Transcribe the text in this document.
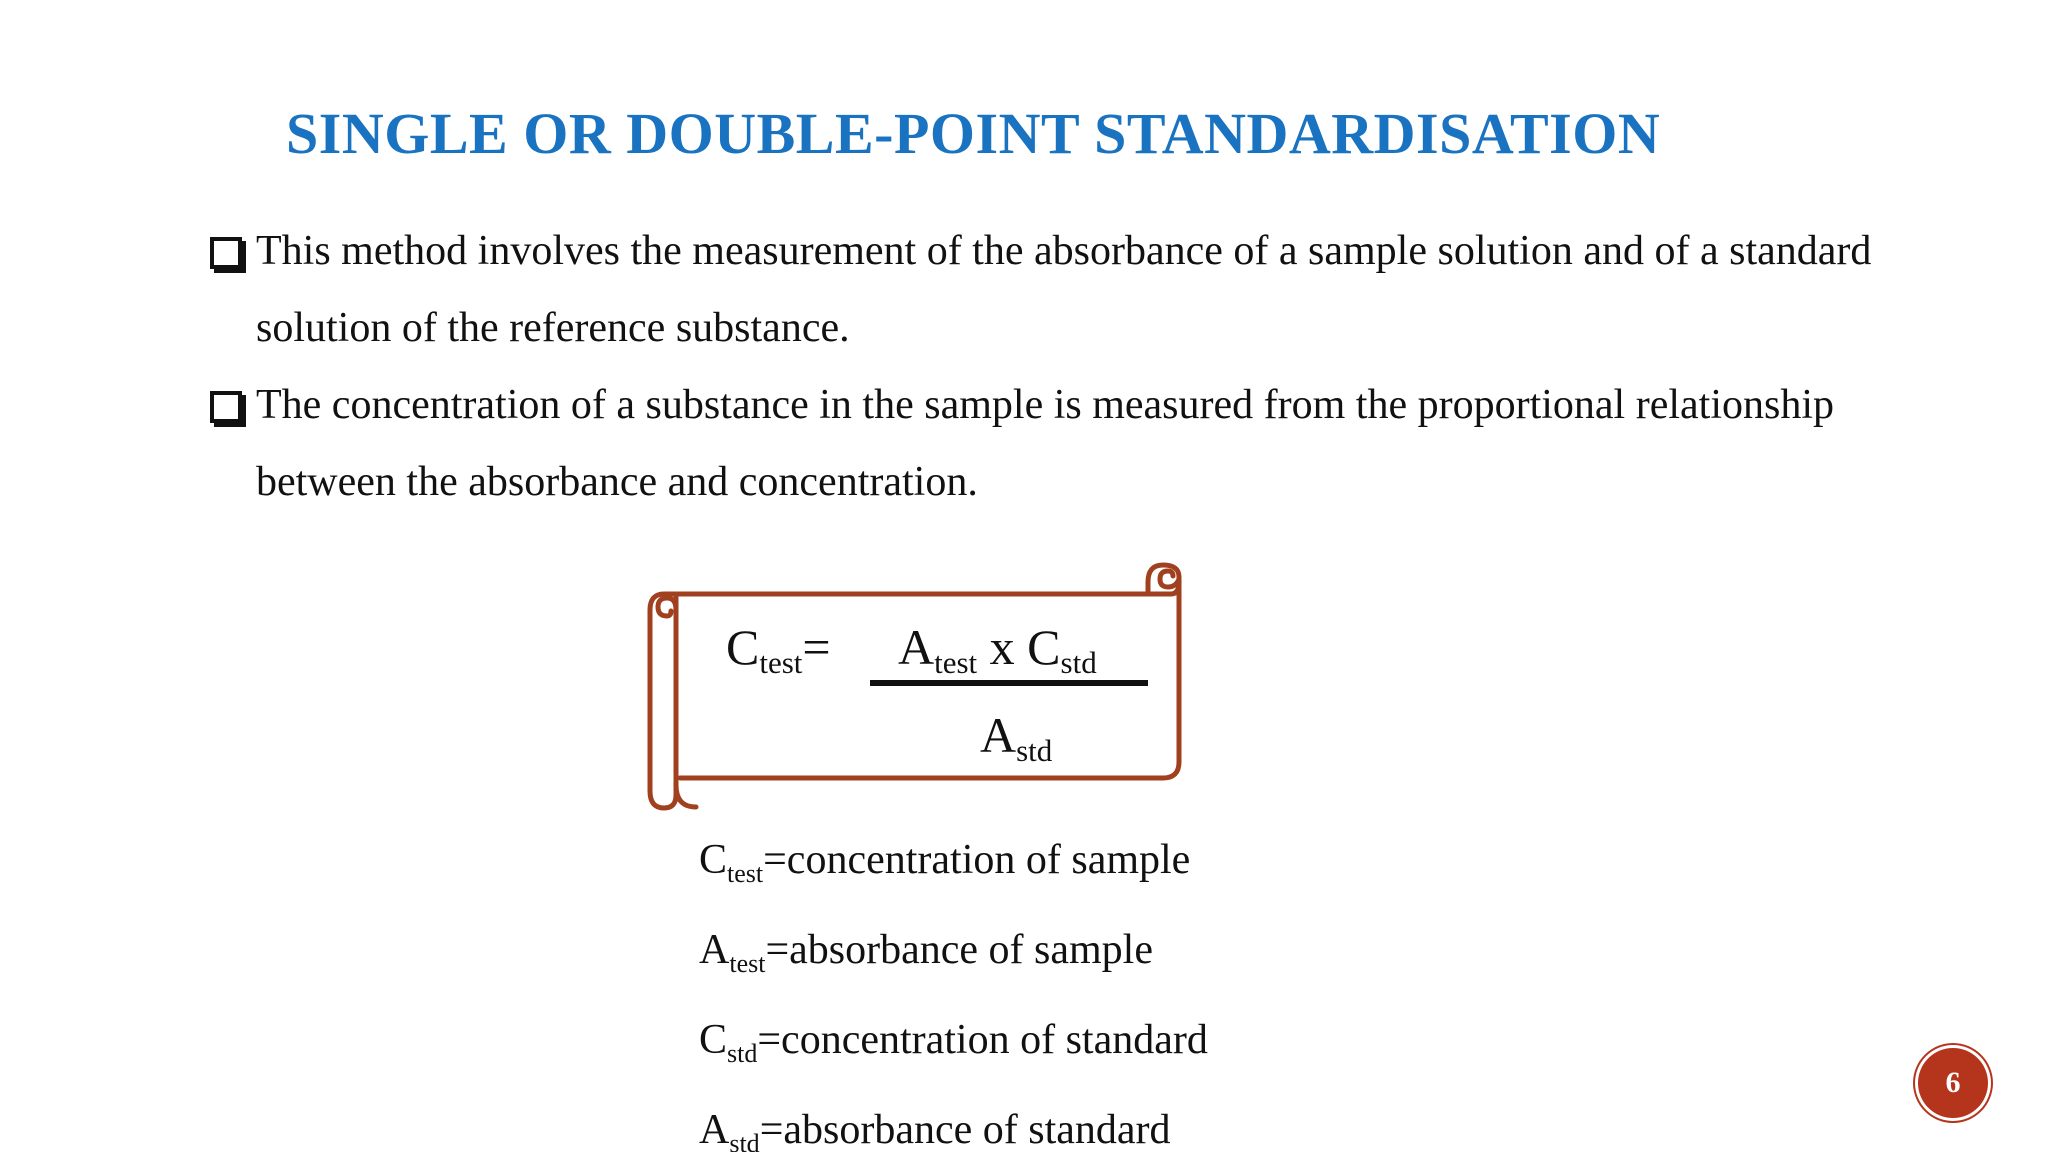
SINGLE OR DOUBLE-POINT STANDARDISATION
This method involves the measurement of the absorbance of a sample solution and of a standard solution of the reference substance.
The concentration of a substance in the sample is measured from the proportional relationship between the absorbance and concentration.
$C_{test}= A_{test}$ x $C_{std}$
$A_{std}$
$C_{test}=concentration$ of sample
$A_{test}=absorbance$ of sample
$C_{std}=concentration$ of standard
$A_{std}=absorbance$ of standard
6
